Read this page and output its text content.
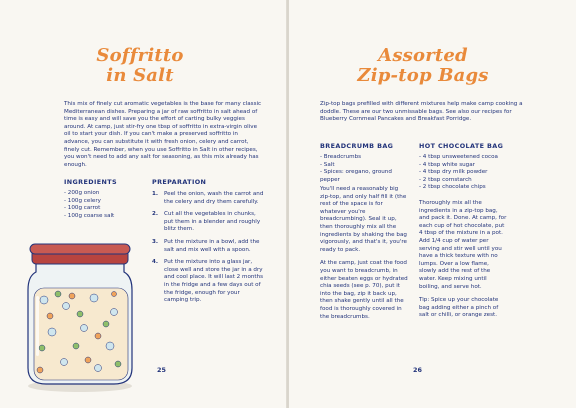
Soffritto
in Salt
This mix of finely cut aromatic vegetables is the base for many classic Mediterranean dishes. Preparing a jar of raw soffritto in salt ahead of time is easy and will save you the effort of carting bulky veggies around. At camp, just stir-fry one tbsp of soffritto in extra-virgin olive oil to start your dish. If you can't make a preserved soffritto in advance, you can substitute it with fresh onion, celery and carrot, finely cut. Remember, when you use Soffritto in Salt in other recipes, you won't need to add any salt for seasoning, as this mix already has enough.
INGREDIENTS
- 200g onion
- 100g celery
- 100g carrot
- 100g coarse salt
PREPARATION
1. Peel the onion, wash the carrot and the celery and dry them carefully.
2. Cut all the vegetables in chunks, put them in a blender and roughly blitz them.
3. Put the mixture in a bowl, add the salt and mix well with a spoon.
4. Put the mixture into a glass jar, close well and store the jar in a dry and cool place. It will last 2 months in the fridge and a few days out of the fridge, enough for your camping trip.
25
Assorted
Zip-top Bags
Zip-top bags prefilled with different mixtures help make camp cooking a doddle. These are our two unmissable bags. See also our recipes for Blueberry Cornmeal Pancakes and Breakfast Porridge.
BREADCRUMB BAG
- Breadcrumbs
- Salt
- Spices: oregano, ground pepper

You'll need a reasonably big zip-top, and only half fill it (the rest of the space is for whatever you're breadcrumbing). Seal it up, then thoroughly mix all the ingredients by shaking the bag vigorously, and that's it, you're ready to pack.

At the camp, just coat the food you want to breadcrumb, in either beaten eggs or hydrated chia seeds (see p. 70), put it into the bag, zip it back up, then shake gently until all the food is thoroughly covered in the breadcrumbs.

HOT CHOCOLATE BAG
- 4 tbsp unsweetened cocoa
- 4 tbsp white sugar
- 4 tbsp dry milk powder
- 2 tbsp cornstarch
- 2 tbsp chocolate chips

Thoroughly mix all the ingredients in a zip-top bag, and pack it. Done. At camp, for each cup of hot chocolate, put 4 tbsp of the mixture in a pot. Add 1/4 cup of water per serving and stir well until you have a thick texture with no lumps. Over a low flame, slowly add the rest of the water. Keep mixing until boiling, and serve hot.

Tip: Spice up your chocolate bag adding either a pinch of salt or chilli, or orange zest.

26
